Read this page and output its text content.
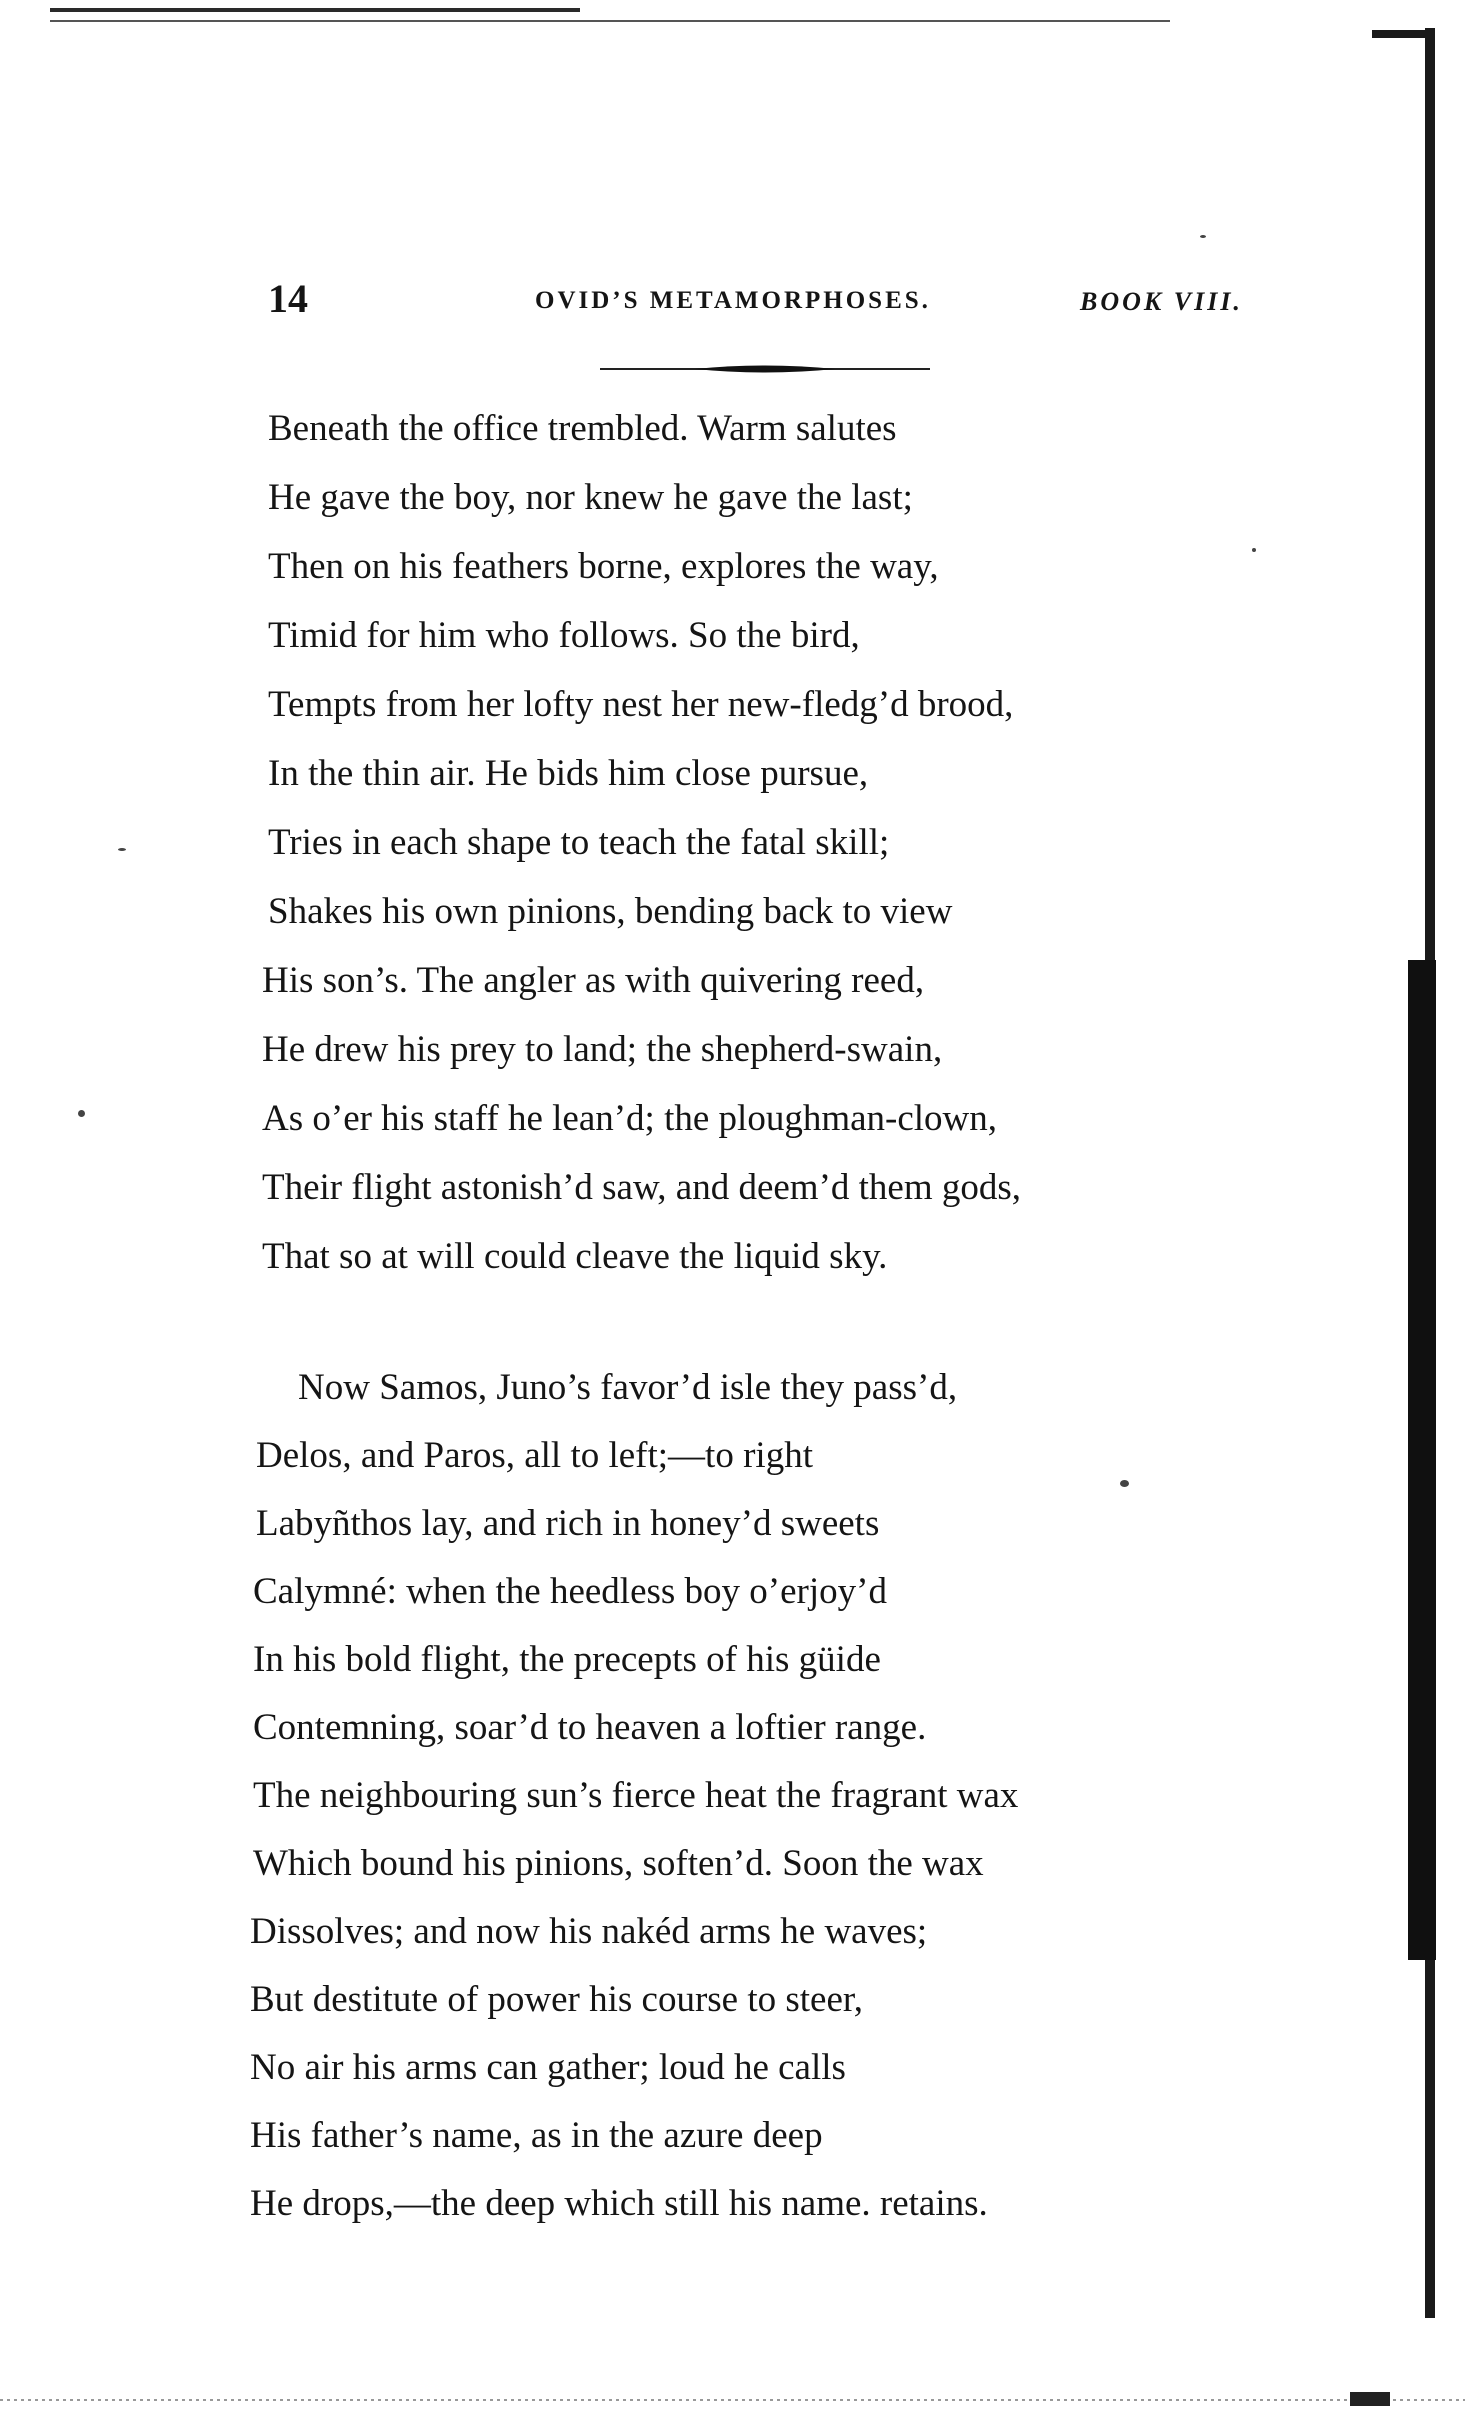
14	OVID’S METAMORPHOSES.	BOOK VIII.
Beneath the office trembled. Warm salutes
He gave the boy, nor knew he gave the last;
Then on his feathers borne, explores the way,
Timid for him who follows. So the bird,
Tempts from her lofty nest her new-fledg’d brood,
In the thin air. He bids him close pursue,
Tries in each shape to teach the fatal skill;
Shakes his own pinions, bending back to view
His son’s. The angler as with quivering reed,
He drew his prey to land; the shepherd-swain,
As o’er his staff he lean’d; the ploughman-clown,
Their flight astonish’d saw, and deem’d them gods,
That so at will could cleave the liquid sky.
Now Samos, Juno’s favor’d isle they pass’d,
Delos, and Paros, all to left;—to right
Labyñthos lay, and rich in honey’d sweets
Calymné: when the heedless boy o’erjoy’d
In his bold flight, the precepts of his güide
Contemning, soar’d to heaven a loftier range.
The neighbouring sun’s fierce heat the fragrant wax
Which bound his pinions, soften’d. Soon the wax
Dissolves; and now his nakéd arms he waves;
But destitute of power his course to steer,
No air his arms can gather; loud he calls
His father’s name, as in the azure deep
He drops,—the deep which still his name. retains.
